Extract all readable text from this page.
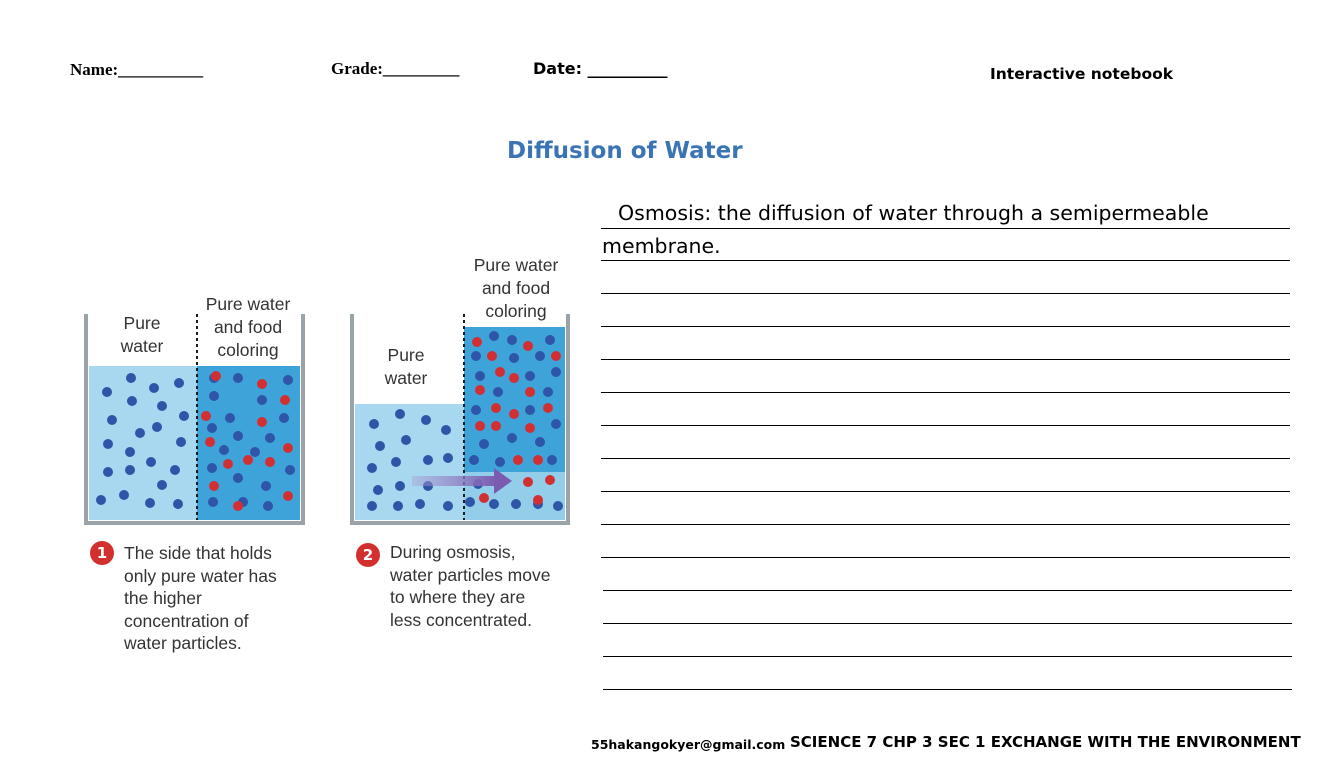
Name:__________	Grade:_________	Date: __________	Interactive notebook
Diffusion of Water
Pure
water
Pure water
and food
coloring	Pure
water
Pure water
and food
coloring
1 The side that holds
only pure water has
the higher
concentration of
water particles.
2 During osmosis,
water particles move
to where they are
less concentrated.
Osmosis: the diffusion of water through a semipermeable
membrane.
55hakangokyer@gmail.com SCIENCE 7 CHP 3 SEC 1 EXCHANGE WITH THE ENVIRONMENT
